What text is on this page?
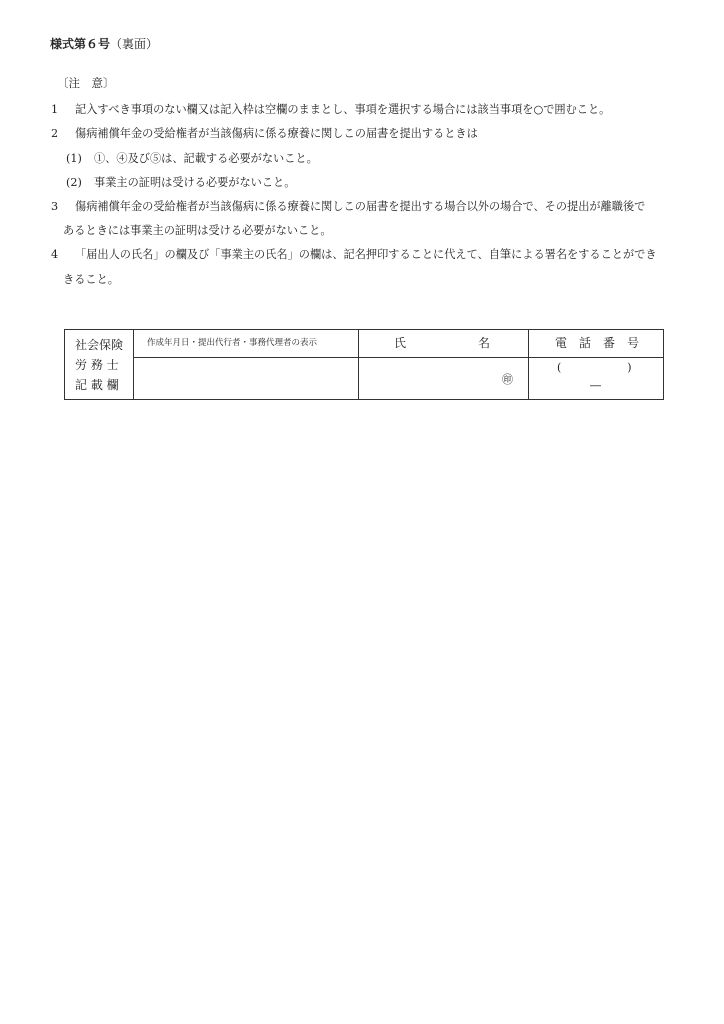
様式第６号（裏面）
〔注　意〕
1 記入すべき事項のない欄又は記入枠は空欄のままとし、事項を選択する場合には該当事項を○で囲むこと。
2 傷病補償年金の受給権者が当該傷病に係る療養に関しこの届書を提出するときは
(1) ①、④及び⑤は、記載する必要がないこと。
(2) 事業主の証明は受ける必要がないこと。
3 傷病補償年金の受給権者が当該傷病に係る療養に関しこの届書を提出する場合以外の場合で、その提出が離職後で
あるときには事業主の証明は受ける必要がないこと。
4 「届出人の氏名」の欄及び「事業主の氏名」の欄は、記名押印することに代えて、自筆による署名をすることができ
きること。
社会保険
労 務 士
記 載 欄
作成年月日・提出代行者・事務代理者の表示	氏　　　　　　名	電　話　番　号
㊞
(　　　　　　)
―
